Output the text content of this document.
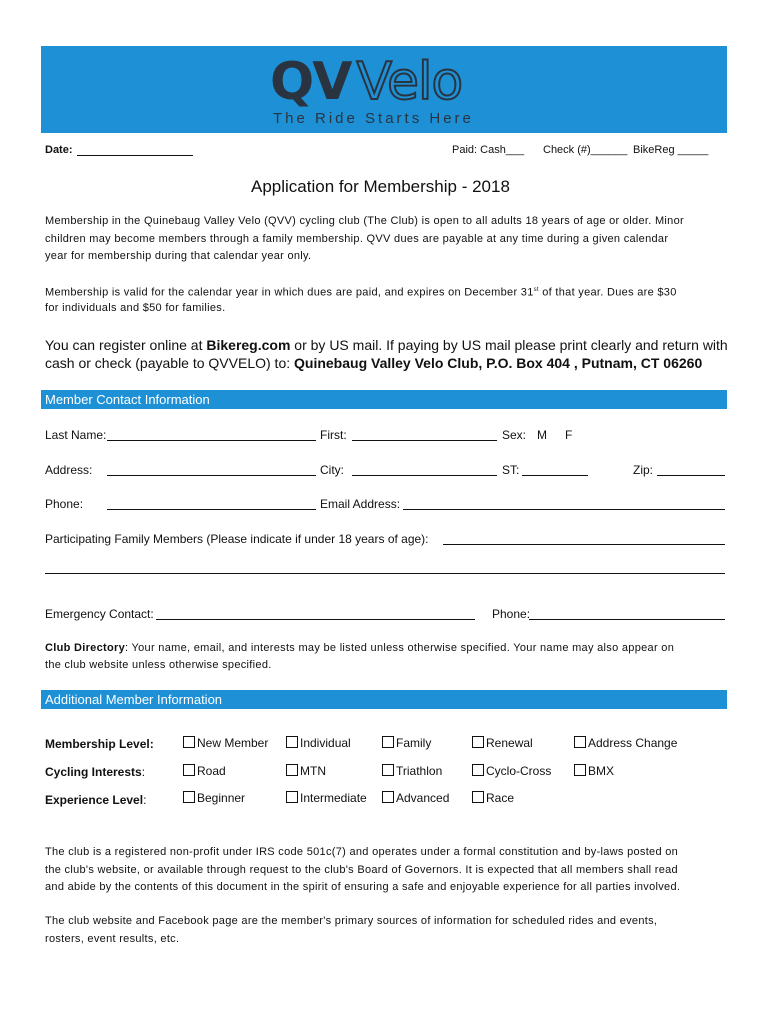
QV Velo
The Ride Starts Here
Date:	Paid: Cash___ Check (#)______ BikeReg _____
Application for Membership - 2018
Membership in the Quinebaug Valley Velo (QVV) cycling club (The Club) is open to all adults 18 years of age or older. Minor
children may become members through a family membership. QVV dues are payable at any time during a given calendar
year for membership during that calendar year only.
Membership is valid for the calendar year in which dues are paid, and expires on December 31st of that year. Dues are $30
for individuals and $50 for families.
You can register online at Bikereg.com or by US mail. If paying by US mail please print clearly and return with
cash or check (payable to QVVELO) to: Quinebaug Valley Velo Club, P.O. Box 404 , Putnam, CT 06260
Member Contact Information
Last Name:	First:	Sex: M F
Address:	City:	ST:	Zip:
Phone:	Email Address:
Participating Family Members (Please indicate if under 18 years of age):
Emergency Contact:	Phone:
Club Directory: Your name, email, and interests may be listed unless otherwise specified. Your name may also appear on
the club website unless otherwise specified.
Additional Member Information
Membership Level:	New Member	Individual	Family	Renewal	Address Change
Cycling Interests:	Road	MTN	Triathlon	Cyclo-Cross	BMX
Experience Level:	Beginner	Intermediate	Advanced	Race
The club is a registered non-profit under IRS code 501c(7) and operates under a formal constitution and by-laws posted on
the club's website, or available through request to the club's Board of Governors. It is expected that all members shall read
and abide by the contents of this document in the spirit of ensuring a safe and enjoyable experience for all parties involved.
The club website and Facebook page are the member's primary sources of information for scheduled rides and events,
rosters, event results, etc.
